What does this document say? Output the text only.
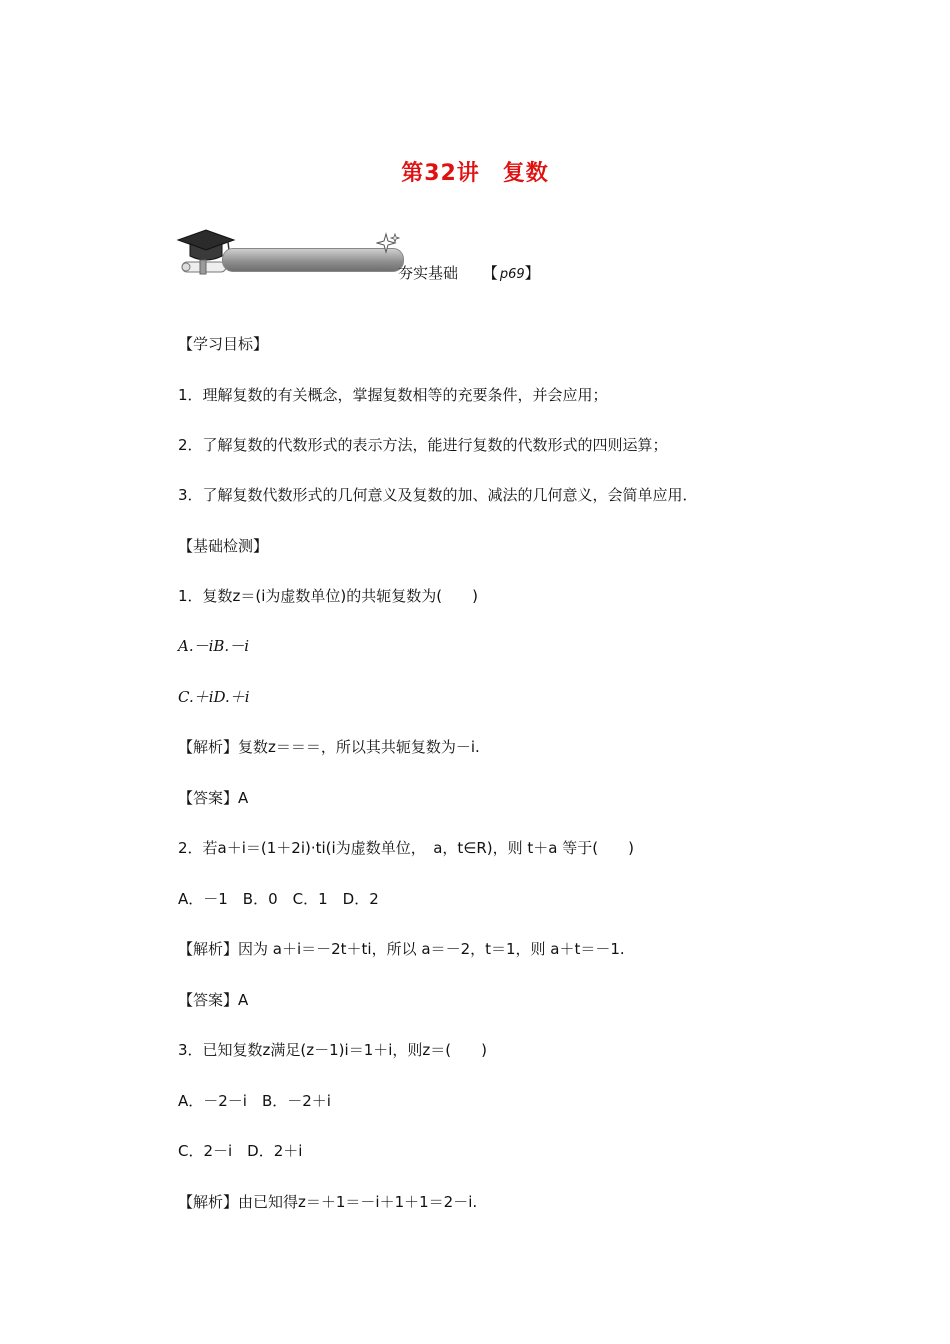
第32讲　复数
夯实基础 【 p69】
【学习目标】
1．理解复数的有关概念，掌握复数相等的充要条件，并会应用；
2．了解复数的代数形式的表示方法，能进行复数的代数形式的四则运算；
3．了解复数代数形式的几何意义及复数的加、减法的几何意义，会简单应用．
【基础检测】
1．复数z＝(i为虚数单位)的共轭复数为(　　)
A.－iB.－i
C.＋iD.＋i
【解析】复数z＝＝＝，所以其共轭复数为－i.
【答案】A
2．若a＋i＝(1＋2i)·ti(i为虚数单位，　a，t∈R)，则 t＋a 等于(　　)
A．－1　B．0　C．1　D．2
【解析】因为 a＋i＝－2t＋ti，所以 a＝－2，t＝1，则 a＋t＝－1.
【答案】A
3．已知复数z满足(z－1)i＝1＋i，则z＝(　　)
A．－2－i　B．－2＋i
C．2－i　D．2＋i
【解析】由已知得z＝＋1＝－i＋1＋1＝2－i.
